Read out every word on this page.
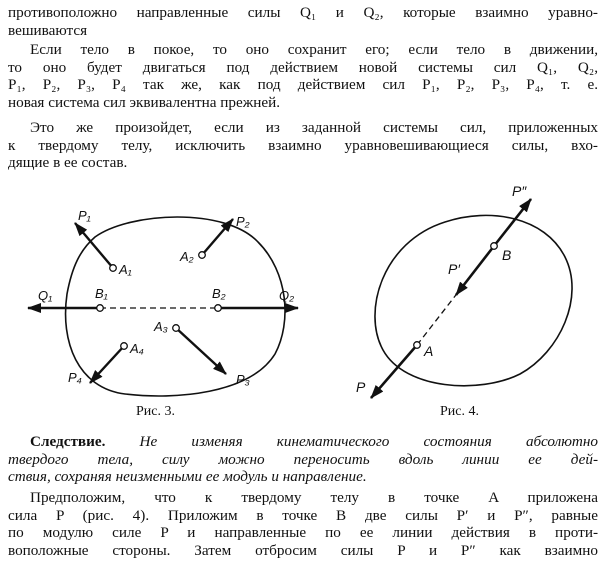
противоположно направленные силы Q₁ и Q₂, которые взаимно уравно-
вешиваются
Если тело в покое, то оно сохранит его; если тело в движении,
то оно будет двигаться под действием новой системы сил Q₁, Q₂,
P₁, P₂, P₃, P₄ так же, как под действием сил P₁, P₂, P₃, P₄, т. е.
новая система сил эквивалентна прежней.
Это же произойдет, если из заданной системы сил, приложенных
к твердому телу, исключить взаимно уравновешивающиеся силы, вхо-
дящие в ее состав.
P₁	P₂
P₃
P₄
A₁
A₂
A₃
A₄
B₁	B₂
Q₁	Q₂
P″
P′
B
A
P
Рис. 3.	Рис. 4.
Следствие. Не изменяя кинематического состояния абсолютно
твердого тела, силу можно переносить вдоль линии ее дей-
ствия, сохраняя неизменными ее модуль и направление.
Предположим, что к твердому телу в точке A приложена
сила P (рис. 4). Приложим в точке B две силы P′ и P″, равные
по модулю силе P и направленные по ее линии действия в проти-
воположные стороны. Затем отбросим силы P и P″ как взаимно
